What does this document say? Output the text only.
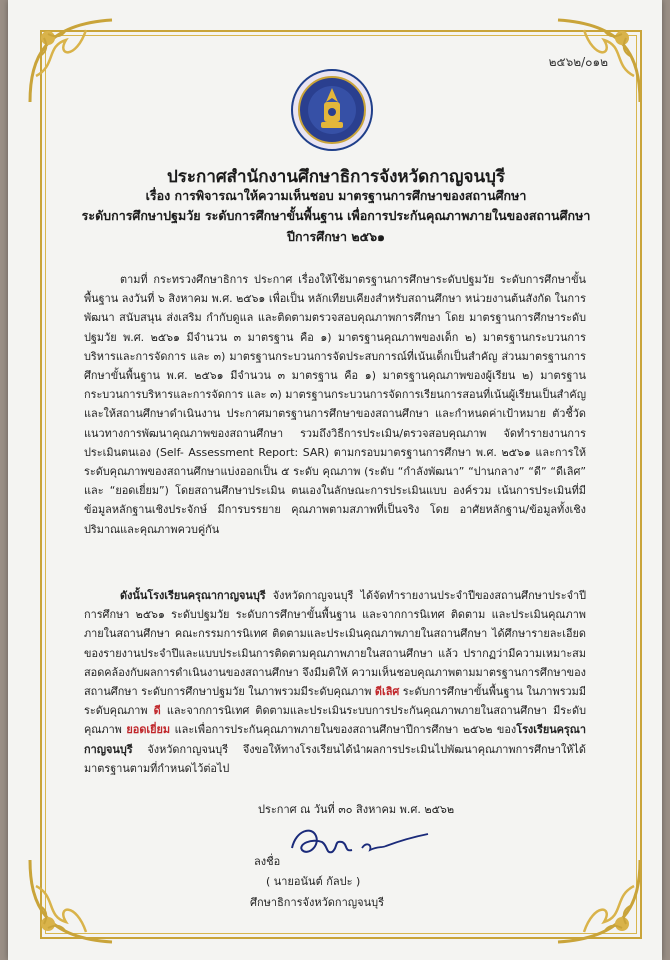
๒๕๖๒/๐๑๒
ประกาศสำนักงานศึกษาธิการจังหวัดกาญจนบุรี
เรื่อง การพิจารณาให้ความเห็นชอบ มาตรฐานการศึกษาของสถานศึกษา
ระดับการศึกษาปฐมวัย ระดับการศึกษาขั้นพื้นฐาน เพื่อการประกันคุณภาพภายในของสถานศึกษา
ปีการศึกษา ๒๕๖๑
ตามที่ กระทรวงศึกษาธิการ ประกาศ เรื่องให้ใช้มาตรฐานการศึกษาระดับปฐมวัย ระดับการศึกษาขั้นพื้นฐาน ลงวันที่ ๖ สิงหาคม พ.ศ. ๒๕๖๑ เพื่อเป็น หลักเทียบเคียงสำหรับสถานศึกษา หน่วยงานต้นสังกัด ในการพัฒนา สนับสนุน ส่งเสริม กำกับดูแล และติดตามตรวจสอบคุณภาพการศึกษา โดย มาตรฐานการศึกษาระดับปฐมวัย พ.ศ. ๒๕๖๑ มีจำนวน ๓ มาตรฐาน คือ ๑) มาตรฐานคุณภาพของเด็ก ๒) มาตรฐานกระบวนการบริหารและการจัดการ และ ๓) มาตรฐานกระบวนการจัดประสบการณ์ที่เน้นเด็กเป็นสำคัญ ส่วนมาตรฐานการศึกษาขั้นพื้นฐาน พ.ศ. ๒๕๖๑ มีจำนวน ๓ มาตรฐาน คือ ๑) มาตรฐานคุณภาพของผู้เรียน ๒) มาตรฐานกระบวนการบริหารและการจัดการ และ ๓) มาตรฐานกระบวนการจัดการเรียนการสอนที่เน้นผู้เรียนเป็นสำคัญ และให้สถานศึกษาดำเนินงาน ประกาศมาตรฐานการศึกษาของสถานศึกษา และกำหนดค่าเป้าหมาย ตัวชี้วัด แนวทางการพัฒนาคุณภาพของสถานศึกษา รวมถึงวิธีการประเมิน/ตรวจสอบคุณภาพ จัดทำรายงานการประเมินตนเอง (Self- Assessment Report: SAR) ตามกรอบมาตรฐานการศึกษา พ.ศ. ๒๕๖๑ และการให้ระดับคุณภาพของสถานศึกษาแบ่งออกเป็น ๕ ระดับ คุณภาพ (ระดับ “กำลังพัฒนา” “ปานกลาง” “ดี” “ดีเลิศ” และ “ยอดเยี่ยม”) โดยสถานศึกษาประเมิน ตนเองในลักษณะการประเมินแบบ องค์รวม เน้นการประเมินที่มีข้อมูลหลักฐานเชิงประจักษ์ มีการบรรยาย คุณภาพตามสภาพที่เป็นจริง โดย อาศัยหลักฐาน/ข้อมูลทั้งเชิงปริมาณและคุณภาพควบคู่กัน
ดังนั้นโรงเรียนครุณากาญจนบุรี จังหวัดกาญจนบุรี ได้จัดทำรายงานประจำปีของสถานศึกษาประจำปีการศึกษา ๒๕๖๑ ระดับปฐมวัย ระดับการศึกษาขั้นพื้นฐาน และจากการนิเทศ ติดตาม และประเมินคุณภาพภายในสถานศึกษา คณะกรรมการนิเทศ ติดตามและประเมินคุณภาพภายในสถานศึกษา ได้ศึกษารายละเอียดของรายงานประจำปีและแบบประเมินการติดตามคุณภาพภายในสถานศึกษา แล้ว ปรากฏว่ามีความเหมาะสมสอดคล้องกับผลการดำเนินงานของสถานศึกษา จึงมีมติให้ ความเห็นชอบคุณภาพตามมาตรฐานการศึกษาของสถานศึกษา ระดับการศึกษาปฐมวัย ในภาพรวมมีระดับคุณภาพ ดีเลิศ ระดับการศึกษาขั้นพื้นฐาน ในภาพรวมมีระดับคุณภาพ ดี และจากการนิเทศ ติดตามและประเมินระบบการประกันคุณภาพภายในสถานศึกษา มีระดับคุณภาพ ยอดเยี่ยม และเพื่อการประกันคุณภาพภายในของสถานศึกษาปีการศึกษา ๒๕๖๒ ของโรงเรียนครุณากาญจนบุรี จังหวัดกาญจนบุรี จึงขอให้ทางโรงเรียนได้นำผลการประเมินไปพัฒนาคุณภาพการศึกษาให้ได้มาตรฐานตามที่กำหนดไว้ต่อไป
ประกาศ ณ วันที่ ๓๐ สิงหาคม พ.ศ. ๒๕๖๒
ลงชื่อ
( นายอนันต์ กัลปะ )
ศึกษาธิการจังหวัดกาญจนบุรี
